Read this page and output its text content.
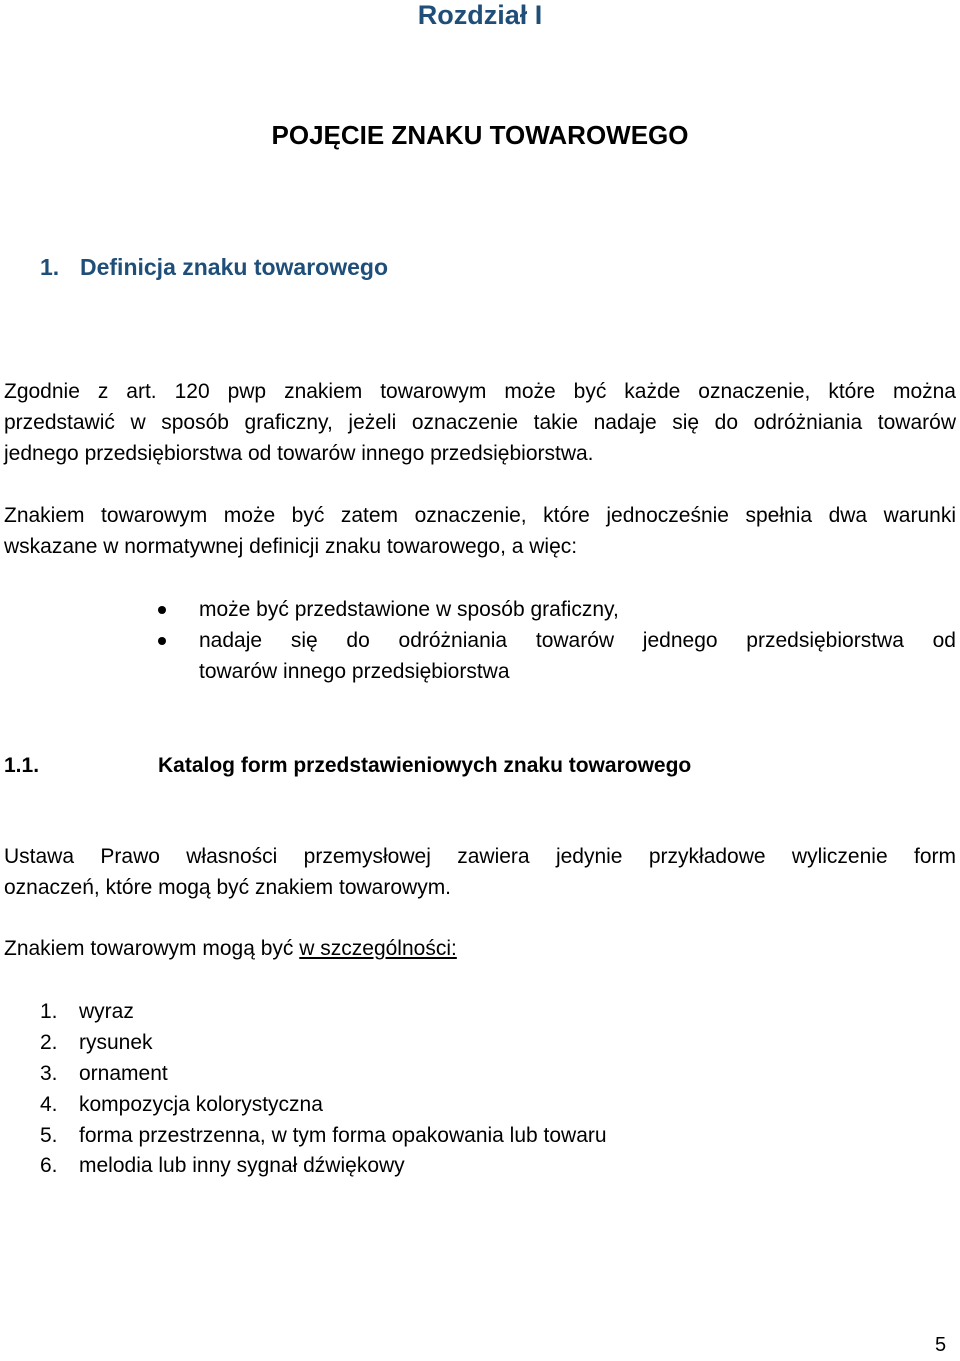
Rozdział I
POJĘCIE ZNAKU TOWAROWEGO
1. Definicja znaku towarowego
Zgodnie z art. 120 pwp znakiem towarowym może być każde oznaczenie, które można
przedstawić w sposób graficzny, jeżeli oznaczenie takie nadaje się do odróżniania towarów
jednego przedsiębiorstwa od towarów innego przedsiębiorstwa.
Znakiem towarowym może być zatem oznaczenie, które jednocześnie spełnia dwa warunki
wskazane w normatywnej definicji znaku towarowego, a więc:
może być przedstawione w sposób graficzny,
nadaje się do odróżniania towarów jednego przedsiębiorstwa od
towarów innego przedsiębiorstwa
1.1.	Katalog form przedstawieniowych znaku towarowego
Ustawa Prawo własności przemysłowej zawiera jedynie przykładowe wyliczenie form
oznaczeń, które mogą być znakiem towarowym.
Znakiem towarowym mogą być w szczególności:
1. wyraz
2. rysunek
3. ornament
4. kompozycja kolorystyczna
5. forma przestrzenna, w tym forma opakowania lub towaru
6. melodia lub inny sygnał dźwiękowy
5
